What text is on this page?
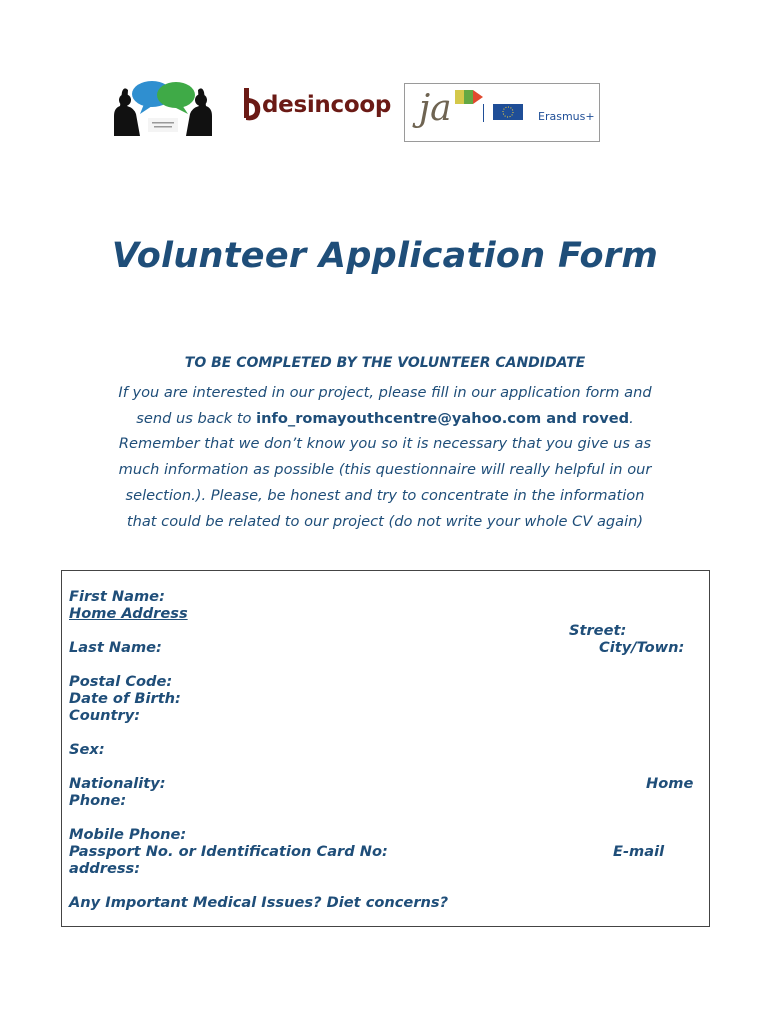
desincoop ja	Erasmus+
Volunteer Application Form
TO BE COMPLETED BY THE VOLUNTEER CANDIDATE
If you are interested in our project, please fill in our application form and
send us back to info_romayouthcentre@yahoo.com and roved.
Remember that we don’t know you so it is necessary that you give us as
much information as possible (this questionnaire will really helpful in our
selection.). Please, be honest and try to concentrate in the information
that could be related to our project (do not write your whole CV again)
First Name:
Home Address
Street:
Last Name:	City/Town:
Postal Code:
Date of Birth:
Country:
Sex:
Nationality:	Home
Phone:
Mobile Phone:
Passport No. or Identification Card No:	E-mail
address:
Any Important Medical Issues? Diet concerns?
